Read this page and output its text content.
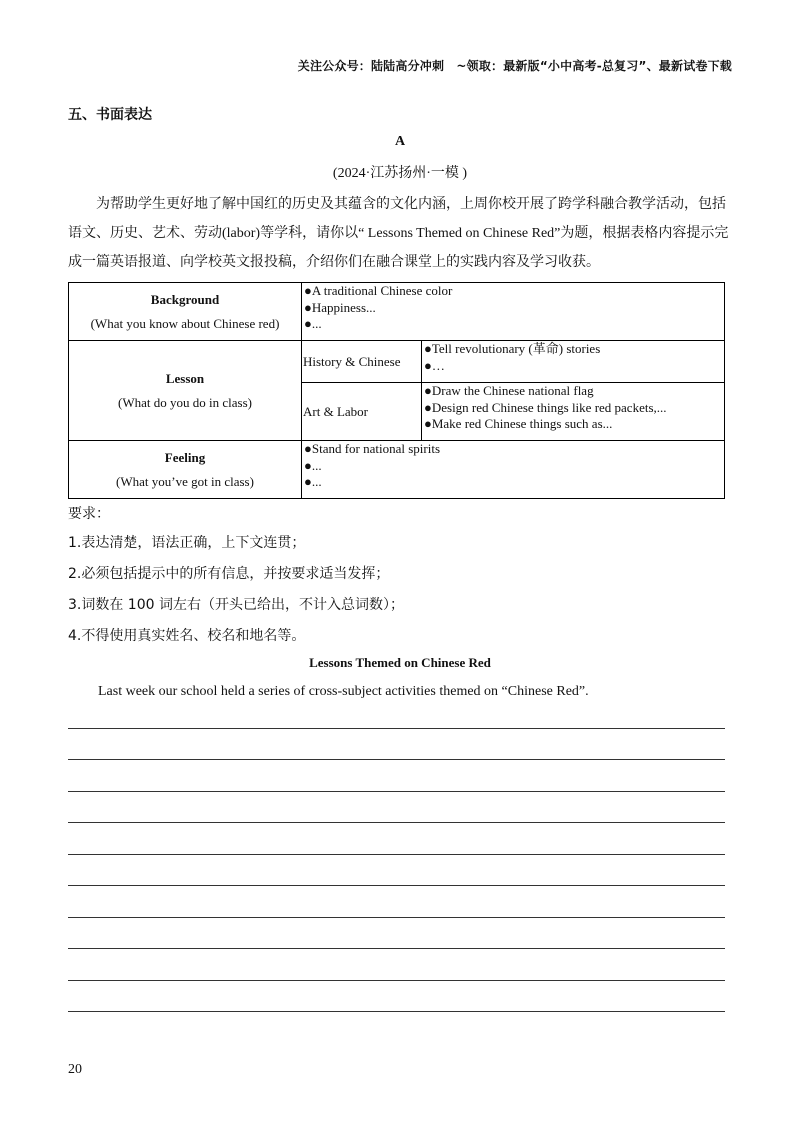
关注公众号：陆陆高分冲刺　~领取：最新版“小中高考-总复习”、最新试卷下载
五、书面表达
A
(2024·江苏扬州·一模 )
为帮助学生更好地了解中国红的历史及其蕴含的文化内涵，上周你校开展了跨学科融合教学活动，包括语文、历史、艺术、劳动(labor)等学科，请你以“ Lessons Themed on Chinese Red”为题，根据表格内容提示完成一篇英语报道、向学校英文报投稿，介绍你们在融合课堂上的实践内容及学习收获。
Background
(What you know about Chinese red)	●A traditional Chinese color
●Happiness...
●...	

Lesson
(What do you do in class)	History & Chinese	●Tell revolutionary (革命) stories
●…

	Art & Labor	●Draw the Chinese national flag
●Design red Chinese things like red packets,...
●Make red Chinese things such as...

Feeling
(What you’ve got in class)	●Stand for national spirits
●...
●...	
要求：
1.表达清楚，语法正确，上下文连贯；
2.必须包括提示中的所有信息，并按要求适当发挥；
3.词数在 100 词左右（开头已给出，不计入总词数）；
4.不得使用真实姓名、校名和地名等。
Lessons Themed on Chinese Red
Last week our school held a series of cross-subject activities themed on “Chinese Red”.
20
